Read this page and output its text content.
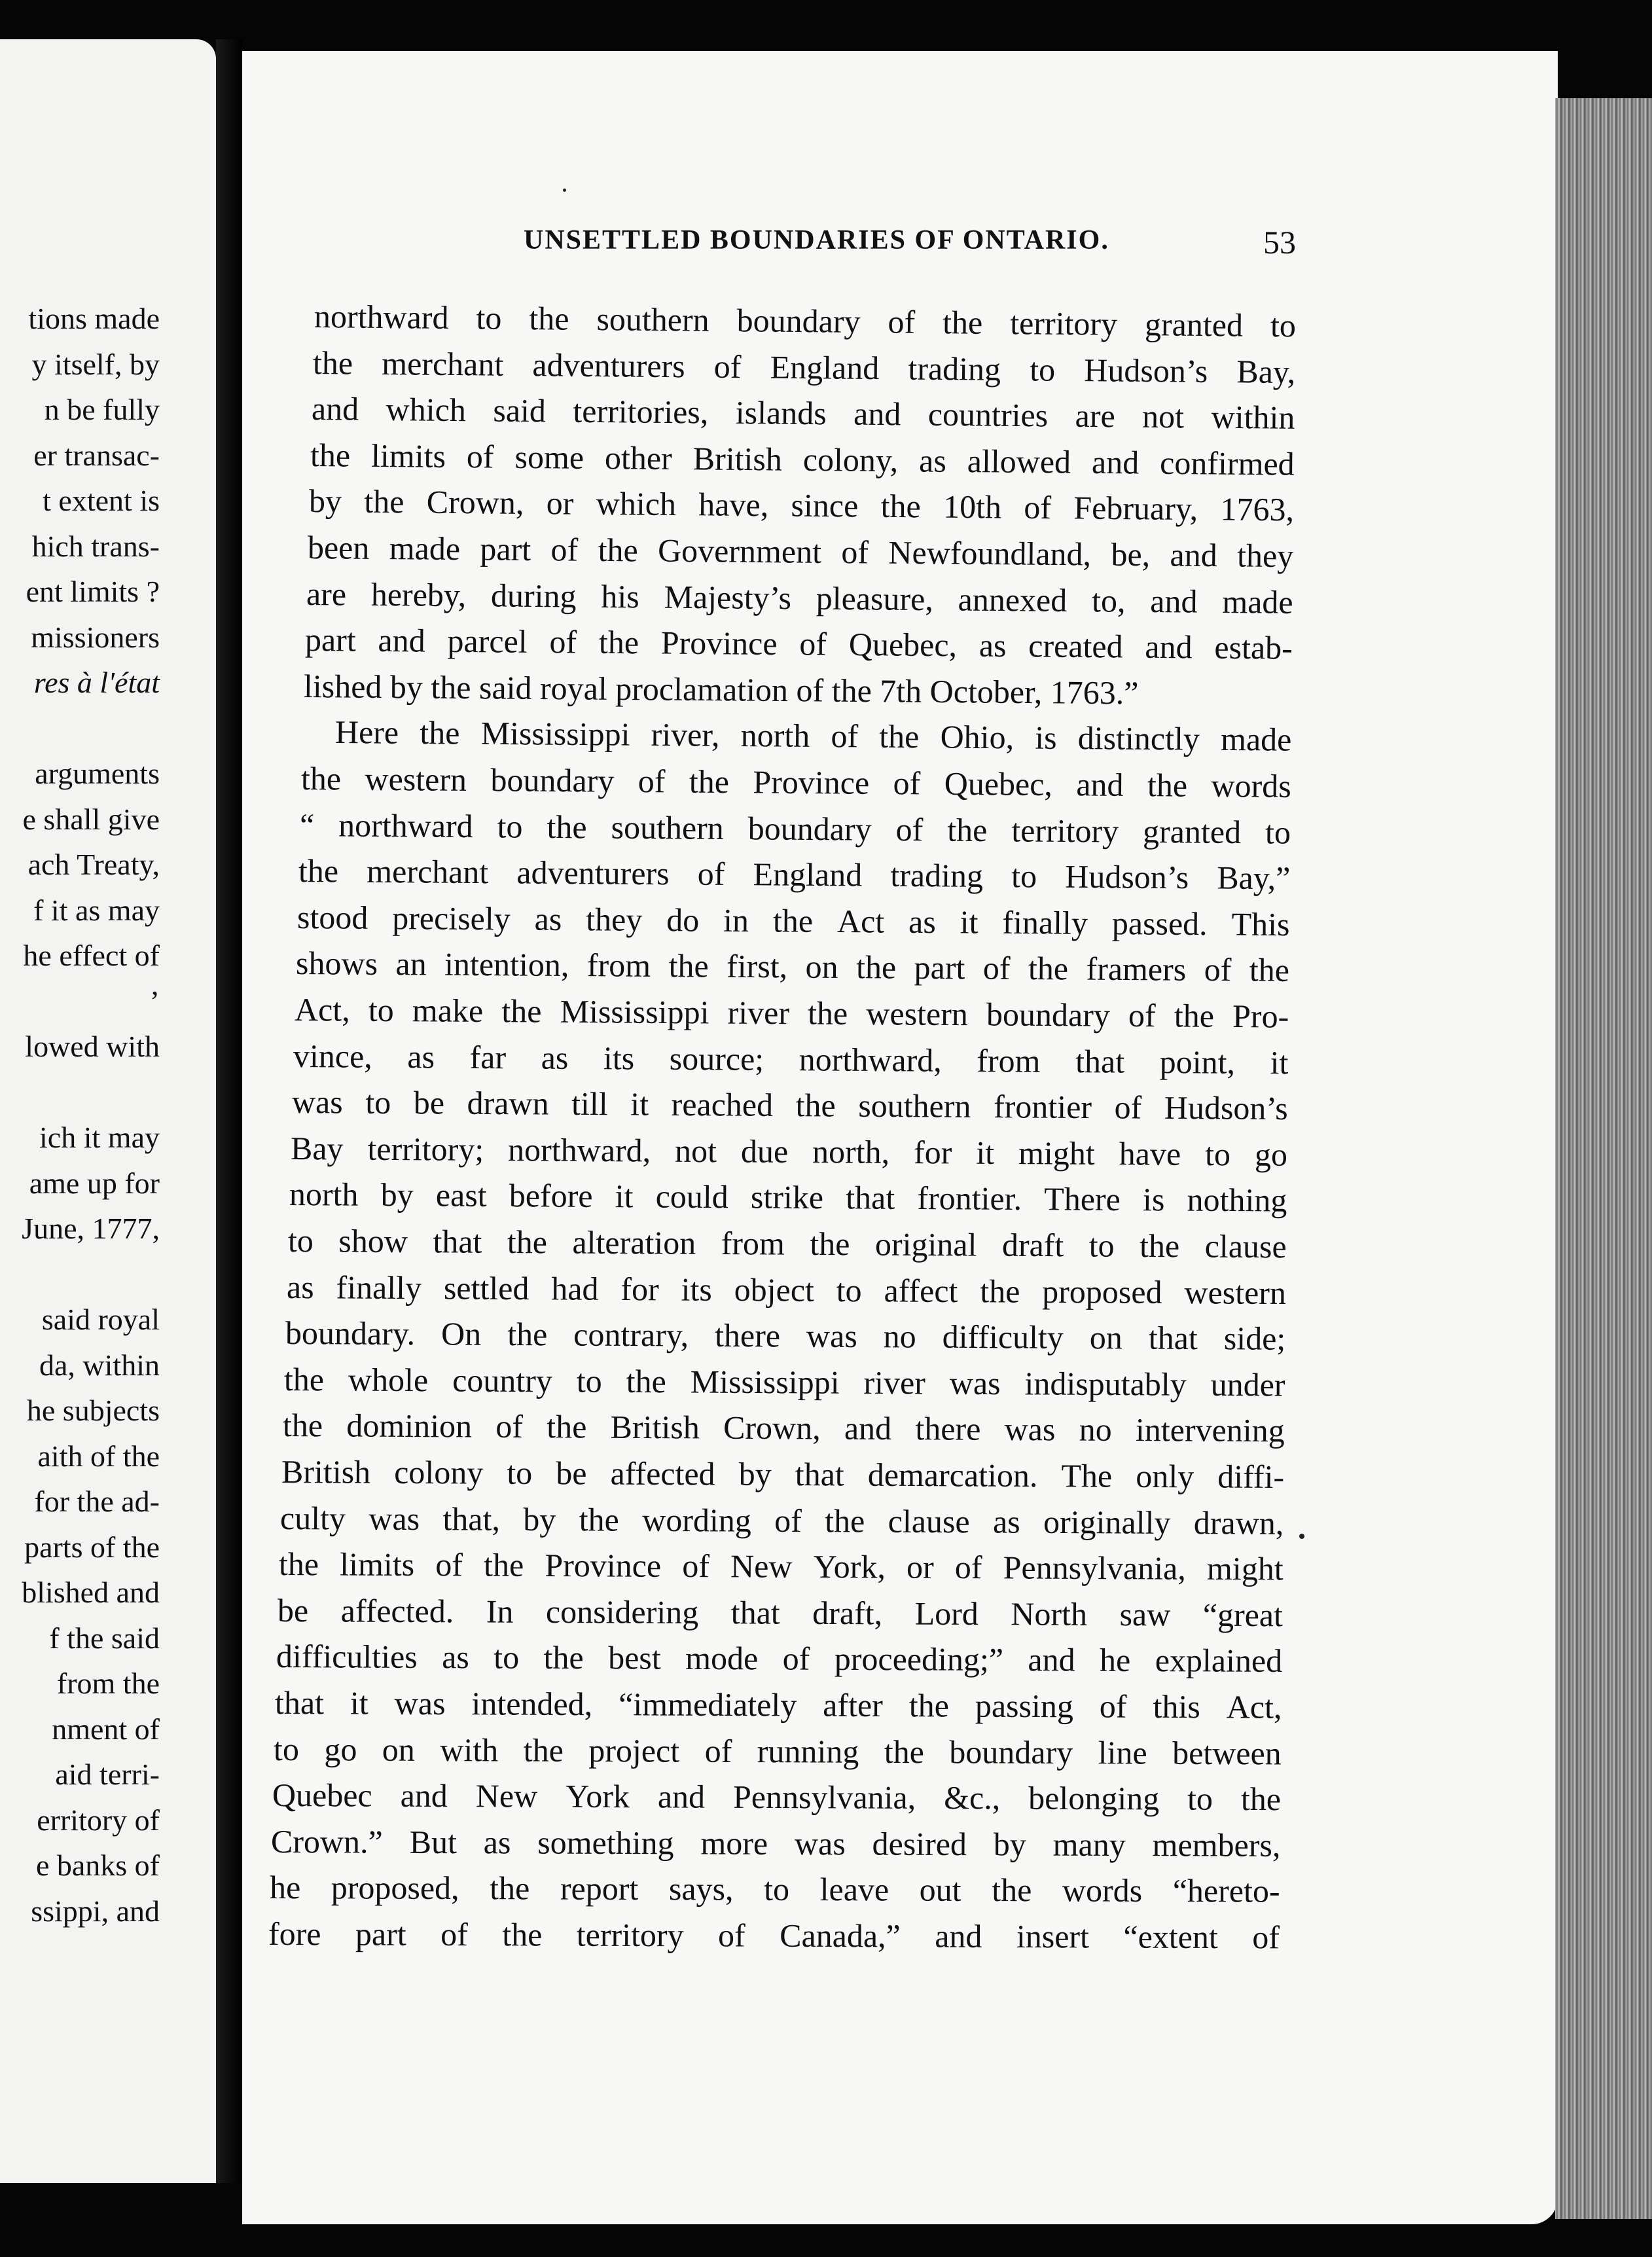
tions made
y itself, by
n be fully
er transac-
t extent is
hich trans-
ent limits ?
missioners
res à l'état
arguments
e shall give
ach Treaty,
f it as may
he effect of
’
lowed with
ich it may
ame up for
June, 1777,
said royal
da, within
he subjects
aith of the
for the ad-
parts of the
blished and
f the said
from the
nment of
aid terri-
erritory of
e banks of
ssippi, and
UNSETTLED BOUNDARIES OF ONTARIO.	53
northward to the southern boundary of the territory granted to
the merchant adventurers of England trading to Hudson’s Bay,
and which said territories, islands and countries are not within
the limits of some other British colony, as allowed and confirmed
by the Crown, or which have, since the 10th of February, 1763,
been made part of the Government of Newfoundland, be, and they
are hereby, during his Majesty’s pleasure, annexed to, and made
part and parcel of the Province of Quebec, as created and estab-
lished by the said royal proclamation of the 7th October, 1763.”
Here the Mississippi river, north of the Ohio, is distinctly made
the western boundary of the Province of Quebec, and the words
“ northward to the southern boundary of the territory granted to
the merchant adventurers of England trading to Hudson’s Bay,”
stood precisely as they do in the Act as it finally passed. This
shows an intention, from the first, on the part of the framers of the
Act, to make the Mississippi river the western boundary of the Pro-
vince, as far as its source; northward, from that point, it
was to be drawn till it reached the southern frontier of Hudson’s
Bay territory; northward, not due north, for it might have to go
north by east before it could strike that frontier. There is nothing
to show that the alteration from the original draft to the clause
as finally settled had for its object to affect the proposed western
boundary. On the contrary, there was no difficulty on that side;
the whole country to the Mississippi river was indisputably under
the dominion of the British Crown, and there was no intervening
British colony to be affected by that demarcation. The only diffi-
culty was that, by the wording of the clause as originally drawn,
the limits of the Province of New York, or of Pennsylvania, might
be affected. In considering that draft, Lord North saw “great
difficulties as to the best mode of proceeding;” and he explained
that it was intended, “immediately after the passing of this Act,
to go on with the project of running the boundary line between
Quebec and New York and Pennsylvania, &c., belonging to the
Crown.” But as something more was desired by many members,
he proposed, the report says, to leave out the words “hereto-
fore part of the territory of Canada,” and insert “extent of
